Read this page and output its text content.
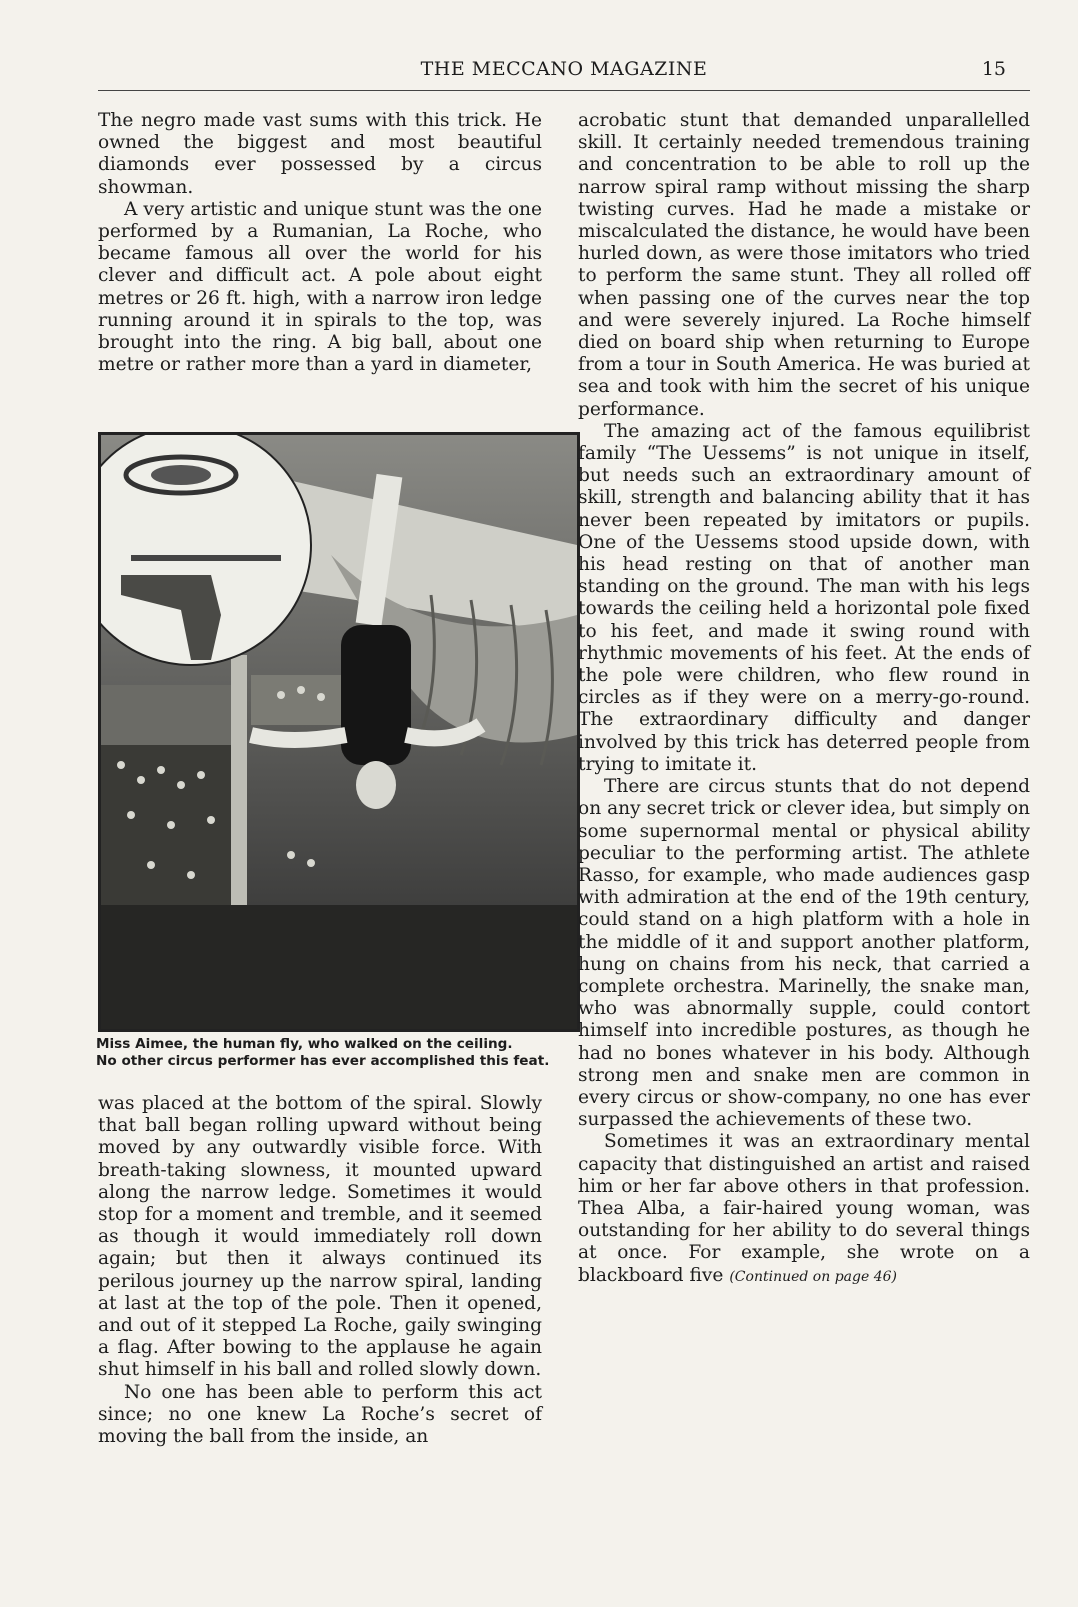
THE MECCANO MAGAZINE	15

The negro made vast sums with this trick. He owned the biggest and most beautiful diamonds ever possessed by a circus showman.

A very artistic and unique stunt was the one performed by a Rumanian, La Roche, who became famous all over the world for his clever and difficult act. A pole about eight metres or 26 ft. high, with a narrow iron ledge running around it in spirals to the top, was brought into the ring. A big ball, about one metre or rather more than a yard in diameter,

Miss Aimee, the human fly, who walked on the ceiling.
No other circus performer has ever accomplished this feat.

was placed at the bottom of the spiral. Slowly that ball began rolling upward without being moved by any outwardly visible force. With breath-taking slowness, it mounted upward along the narrow ledge. Sometimes it would stop for a moment and tremble, and it seemed as though it would immediately roll down again; but then it always continued its perilous journey up the narrow spiral, landing at last at the top of the pole. Then it opened, and out of it stepped La Roche, gaily swinging a flag. After bowing to the applause he again shut himself in his ball and rolled slowly down.

No one has been able to perform this act since; no one knew La Roche’s secret of moving the ball from the inside, an

acrobatic stunt that demanded unparallelled skill. It certainly needed tremendous training and concentration to be able to roll up the narrow spiral ramp without missing the sharp twisting curves. Had he made a mistake or miscalculated the distance, he would have been hurled down, as were those imitators who tried to perform the same stunt. They all rolled off when passing one of the curves near the top and were severely injured. La Roche himself died on board ship when returning to Europe from a tour in South America. He was buried at sea and took with him the secret of his unique performance.

The amazing act of the famous equilibrist family “The Uessems” is not unique in itself, but needs such an extraordinary amount of skill, strength and balancing ability that it has never been repeated by imitators or pupils. One of the Uessems stood upside down, with his head resting on that of another man standing on the ground. The man with his legs towards the ceiling held a horizontal pole fixed to his feet, and made it swing round with rhythmic movements of his feet. At the ends of the pole were children, who flew round in circles as if they were on a merry-go-round. The extraordinary difficulty and danger involved by this trick has deterred people from trying to imitate it.

There are circus stunts that do not depend on any secret trick or clever idea, but simply on some supernormal mental or physical ability peculiar to the performing artist. The athlete Rasso, for example, who made audiences gasp with admiration at the end of the 19th century, could stand on a high platform with a hole in the middle of it and support another platform, hung on chains from his neck, that carried a complete orchestra. Marinelly, the snake man, who was abnormally supple, could contort himself into incredible postures, as though he had no bones whatever in his body. Although strong men and snake men are common in every circus or show-company, no one has ever surpassed the achievements of these two.

Sometimes it was an extraordinary mental capacity that distinguished an artist and raised him or her far above others in that profession. Thea Alba, a fair-haired young woman, was outstanding for her ability to do several things at once. For example, she wrote on a blackboard five (Continued on page 46)
